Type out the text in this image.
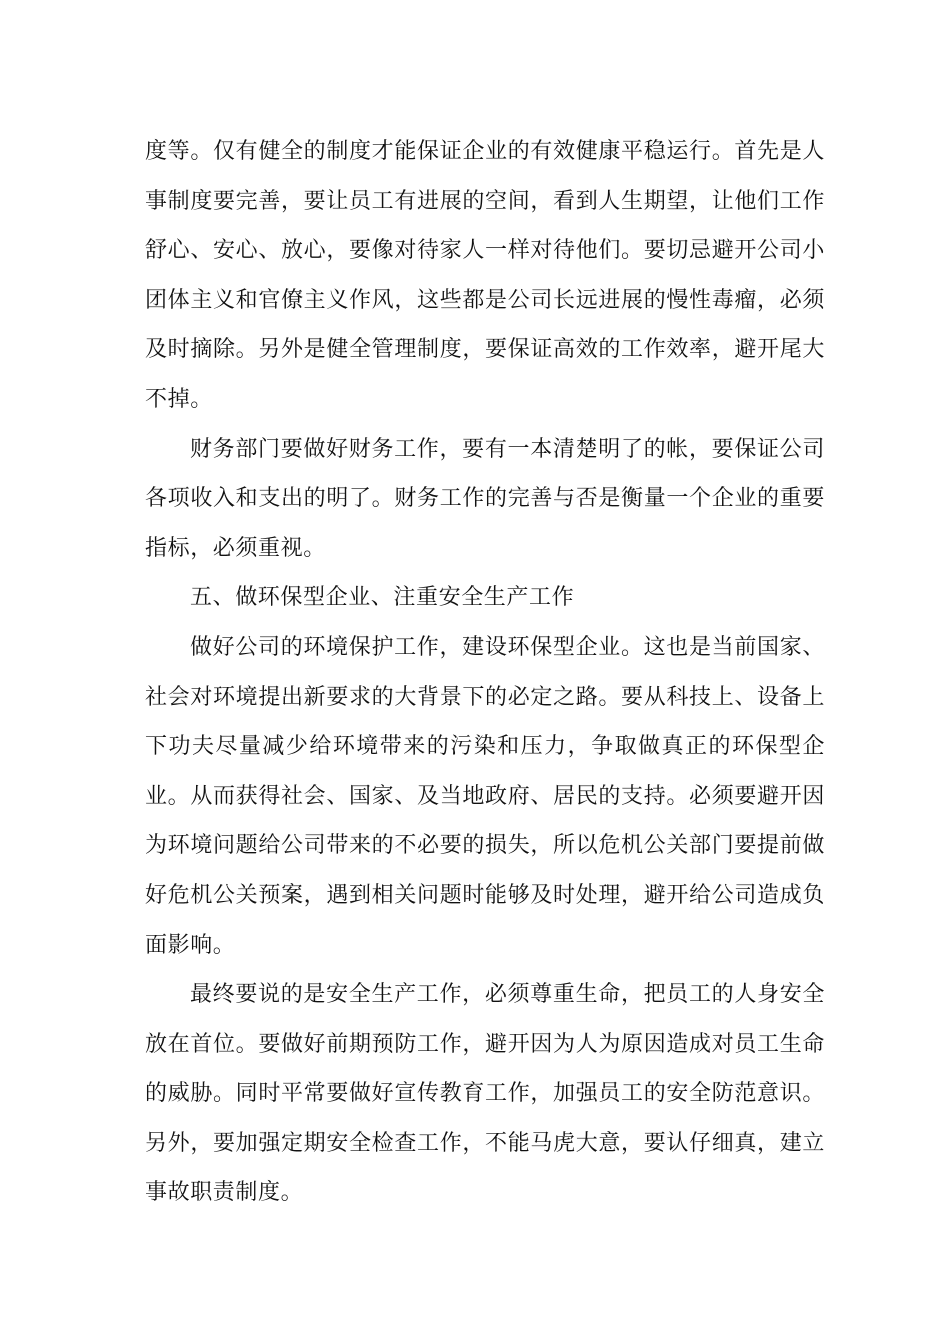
度等。仅有健全的制度才能保证企业的有效健康平稳运行。首先是人事制度要完善，要让员工有进展的空间，看到人生期望，让他们工作舒心、安心、放心，要像对待家人一样对待他们。要切忌避开公司小团体主义和官僚主义作风，这些都是公司长远进展的慢性毒瘤，必须及时摘除。另外是健全管理制度，要保证高效的工作效率，避开尾大不掉。

财务部门要做好财务工作，要有一本清楚明了的帐，要保证公司各项收入和支出的明了。财务工作的完善与否是衡量一个企业的重要指标，必须重视。

五、做环保型企业、注重安全生产工作

做好公司的环境保护工作，建设环保型企业。这也是当前国家、社会对环境提出新要求的大背景下的必定之路。要从科技上、设备上下功夫尽量减少给环境带来的污染和压力，争取做真正的环保型企业。从而获得社会、国家、及当地政府、居民的支持。必须要避开因为环境问题给公司带来的不必要的损失，所以危机公关部门要提前做好危机公关预案，遇到相关问题时能够及时处理，避开给公司造成负面影响。

最终要说的是安全生产工作，必须尊重生命，把员工的人身安全放在首位。要做好前期预防工作，避开因为人为原因造成对员工生命的威胁。同时平常要做好宣传教育工作，加强员工的安全防范意识。另外，要加强定期安全检查工作，不能马虎大意，要认仔细真，建立事故职责制度。
